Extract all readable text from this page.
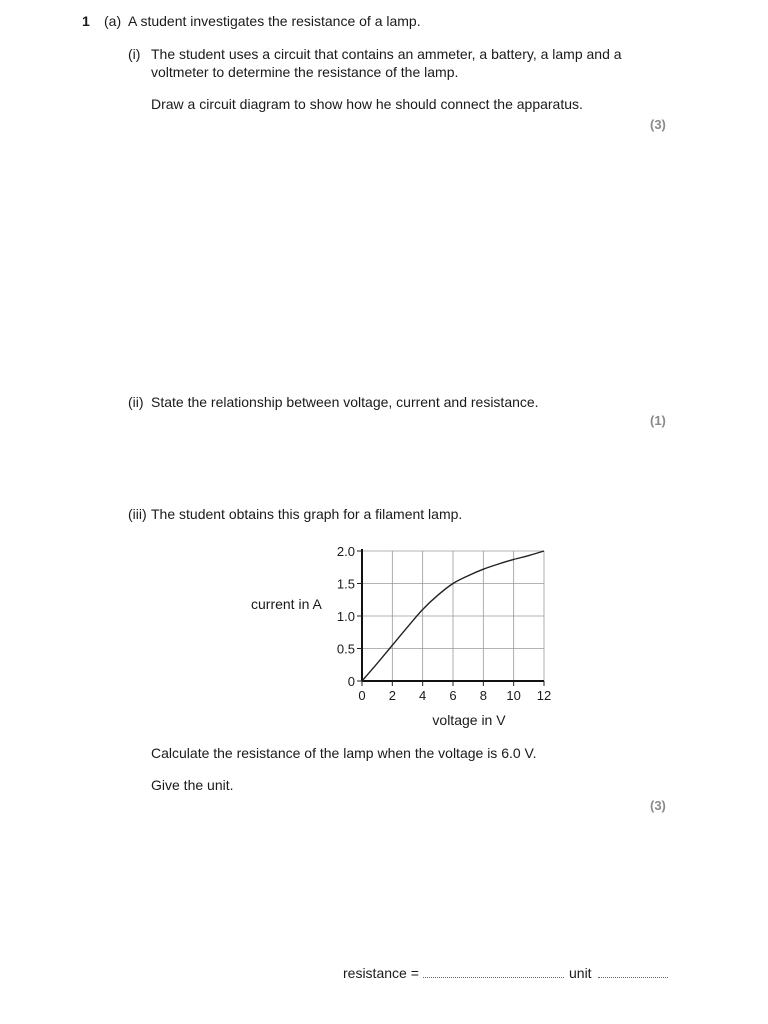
1 (a) A student investigates the resistance of a lamp.
(i) The student uses a circuit that contains an ammeter, a battery, a lamp and a
voltmeter to determine the resistance of the lamp.
Draw a circuit diagram to show how he should connect the apparatus.
(3)
(ii) State the relationship between voltage, current and resistance.
(1)
(iii) The student obtains this graph for a filament lamp.
0 2 4 6 8 10 12
0
0.5
1.0
1.5
2.0
current in A
voltage in V
Calculate the resistance of the lamp when the voltage is 6.0 V.
Give the unit.
(3)
resistance =	unit
